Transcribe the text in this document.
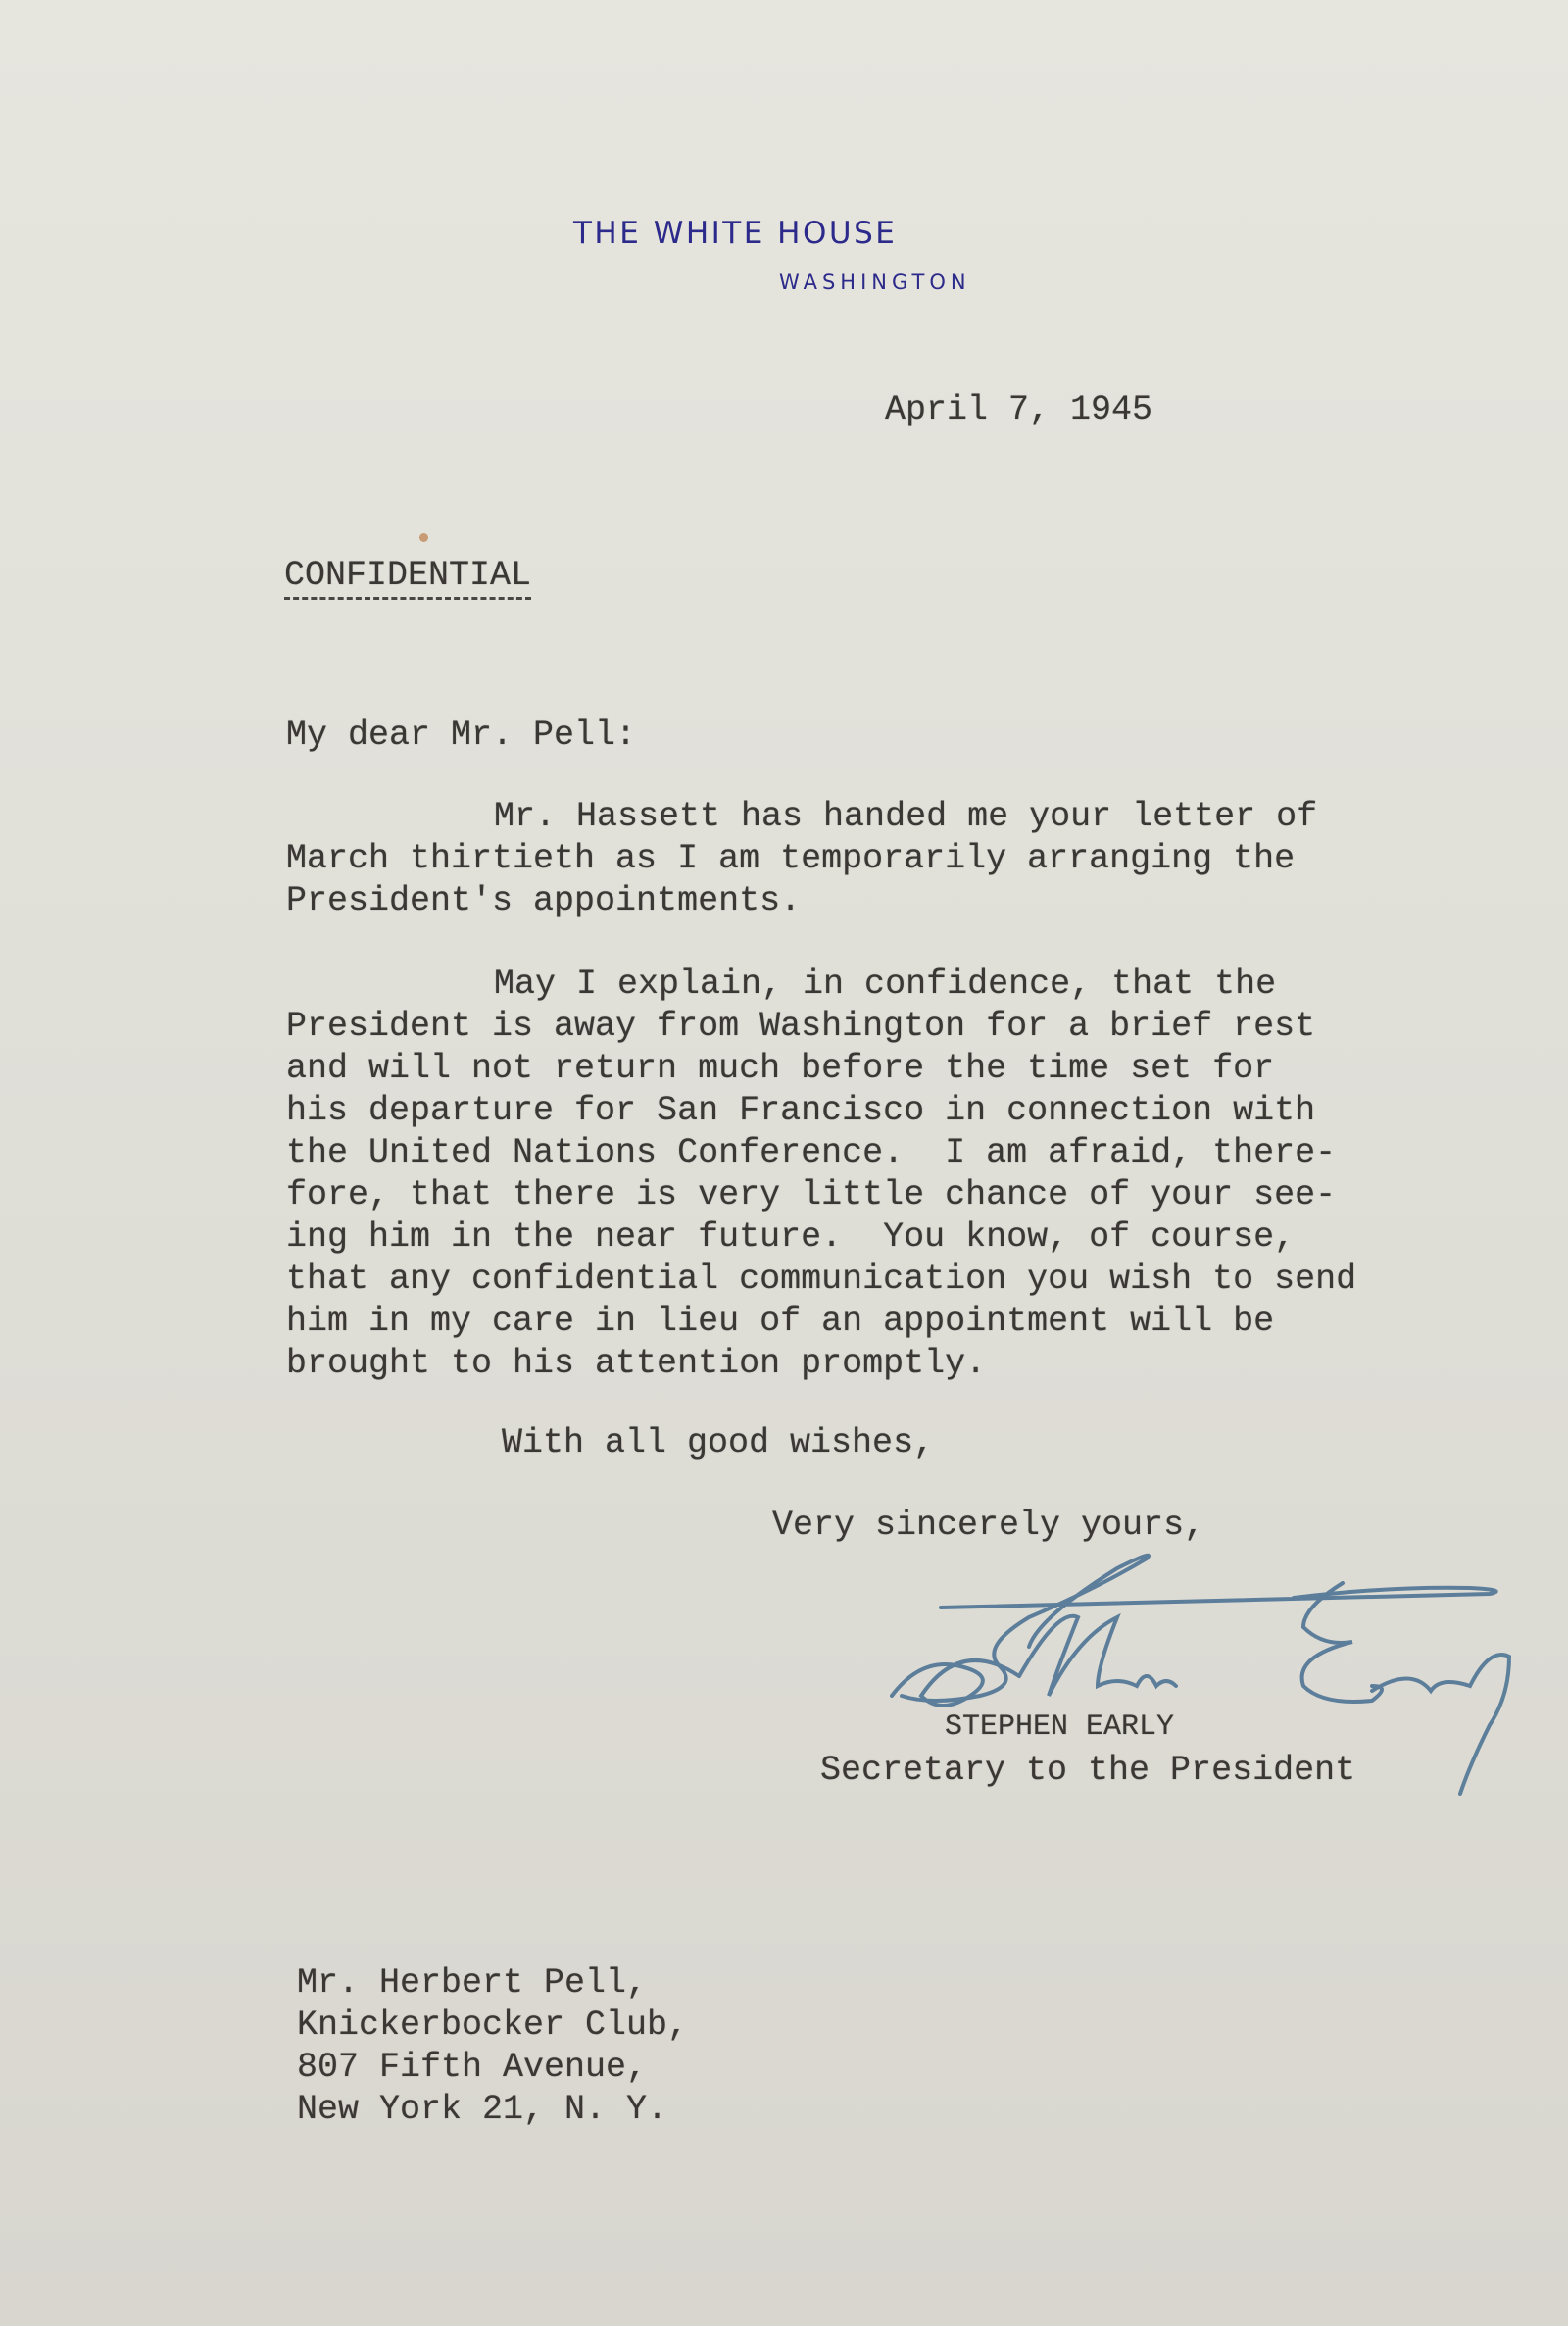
THE WHITE HOUSE
WASHINGTON
April 7, 1945
CONFIDENTIAL
My dear Mr. Pell:
Mr. Hassett has handed me your letter of
March thirtieth as I am temporarily arranging the
President's appointments.
May I explain, in confidence, that the
President is away from Washington for a brief rest
and will not return much before the time set for
his departure for San Francisco in connection with
the United Nations Conference.  I am afraid, there-
fore, that there is very little chance of your see-
ing him in the near future.  You know, of course,
that any confidential communication you wish to send
him in my care in lieu of an appointment will be
brought to his attention promptly.
With all good wishes,
Very sincerely yours,
STEPHEN EARLY
Secretary to the President
Mr. Herbert Pell,
Knickerbocker Club,
807 Fifth Avenue,
New York 21, N. Y.
